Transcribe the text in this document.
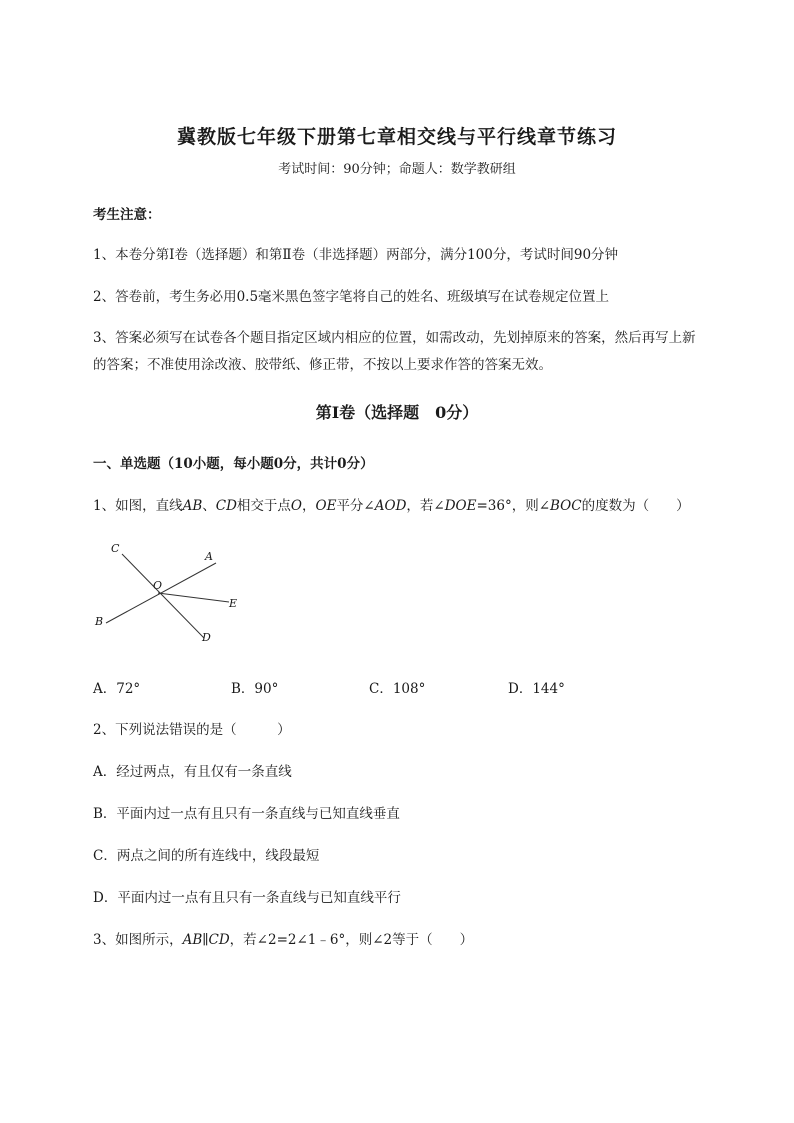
冀教版七年级下册第七章相交线与平行线章节练习
考试时间：90分钟；命题人：数学教研组
考生注意：
1、本卷分第Ⅰ卷（选择题）和第Ⅱ卷（非选择题）两部分，满分100分，考试时间90分钟
2、答卷前，考生务必用0.5毫米黑色签字笔将自己的姓名、班级填写在试卷规定位置上
3、答案必须写在试卷各个题目指定区域内相应的位置，如需改动，先划掉原来的答案，然后再写上新
的答案；不准使用涂改液、胶带纸、修正带，不按以上要求作答的答案无效。
第Ⅰ卷（选择题　0分）
一、单选题（10小题，每小题0分，共计0分）
1、如图，直线AB、CD相交于点O，OE平分∠AOD，若∠DOE=36°，则∠BOC的度数为（　　）
C
A
O
E
B
D
A．72°	B．90°	C．108°	D．144°
2、下列说法错误的是（　　　）
A．经过两点，有且仅有一条直线
B．平面内过一点有且只有一条直线与已知直线垂直
C．两点之间的所有连线中，线段最短
D．平面内过一点有且只有一条直线与已知直线平行
3、如图所示，AB∥CD，若∠2=2∠1﹣6°，则∠2等于（　　）
